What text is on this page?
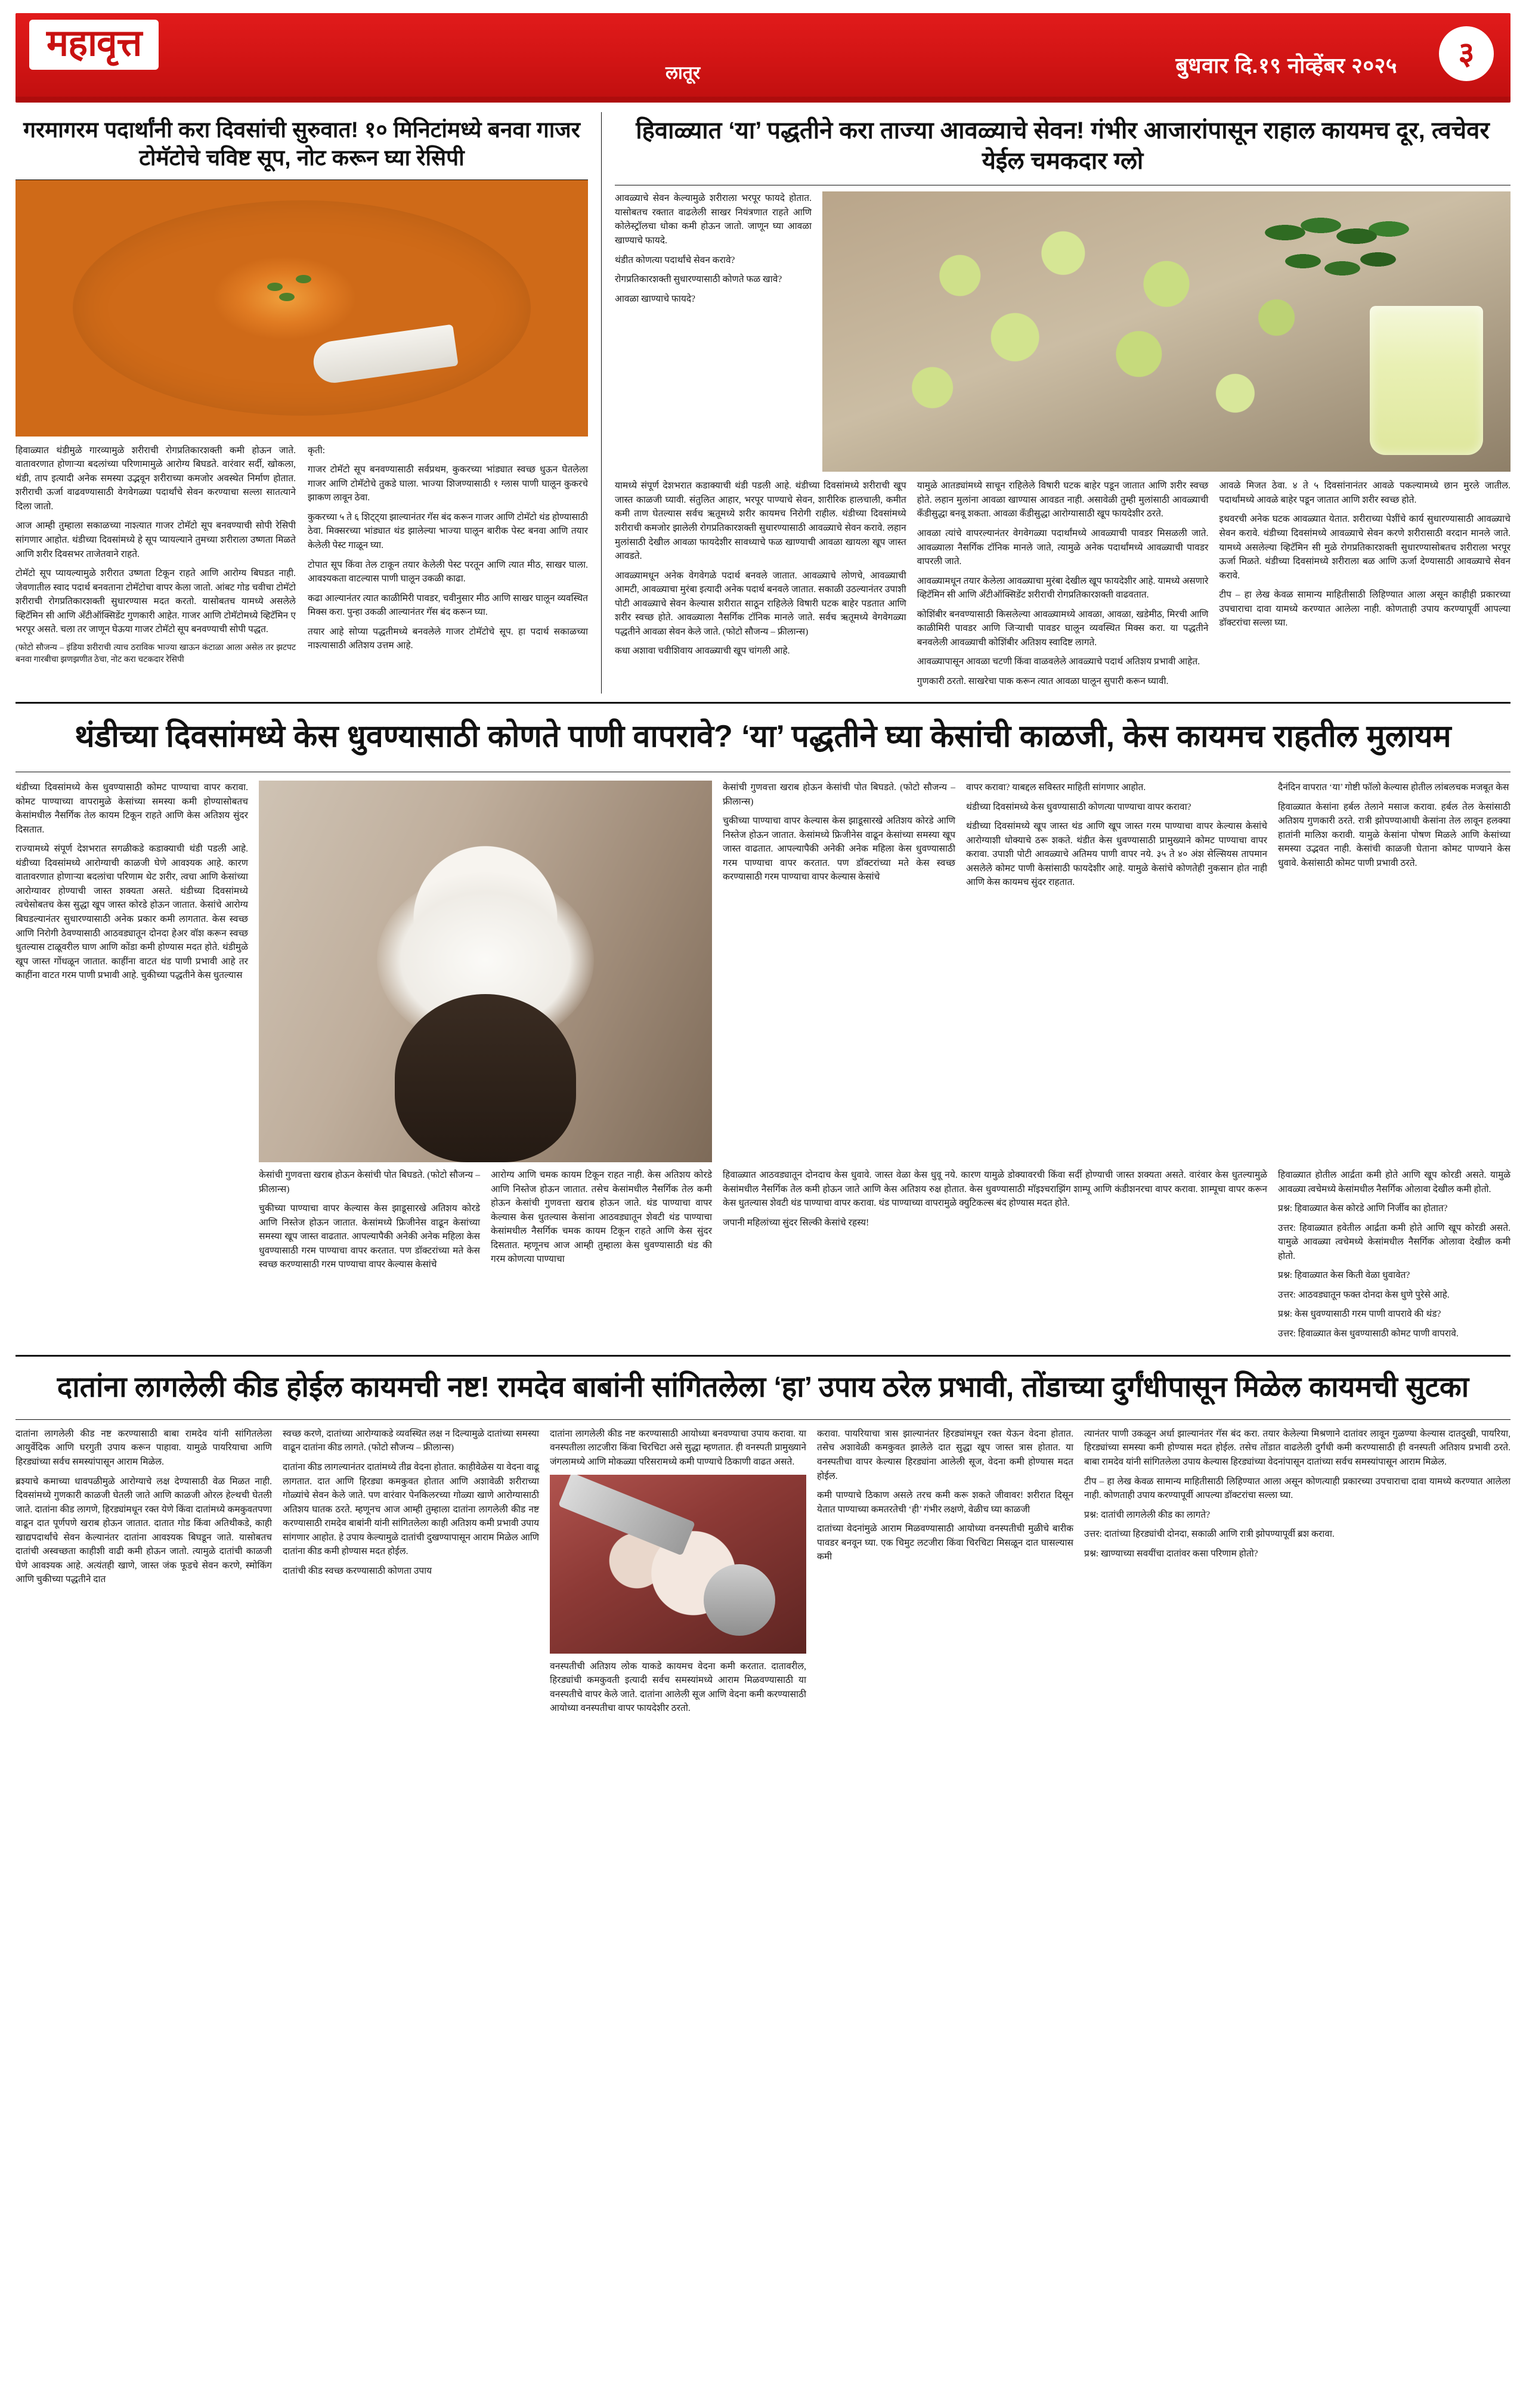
महावृत्त
लातूर	बुधवार दि.१९ नोव्हेंबर २०२५	३
गरमागरम पदार्थांनी करा दिवसांची सुरुवात! १० मिनिटांमध्ये बनवा गाजर टोमॅटोचे चविष्ट सूप, नोट करून घ्या रेसिपी

हिवाळ्यात थंडीमुळे गारव्यामुळे शरीराची रोगप्रतिकारशक्ती कमी होऊन जाते. वातावरणात होणाऱ्या बदलांच्या परिणामामुळे आरोग्य बिघडते. वारंवार सर्दी, खोकला, थंडी, ताप इत्यादी अनेक समस्या उद्भवून शरीराच्या कमजोर अवस्थेत निर्माण होतात. शरीराची ऊर्जा वाढवण्यासाठी वेगवेगळ्या पदार्थांचे सेवन करण्याचा सल्ला सातत्याने दिला जातो.

आज आम्ही तुम्हाला सकाळच्या नाश्त्यात गाजर टोमॅटो सूप बनवण्याची सोपी रेसिपी सांगणार आहोत. थंडीच्या दिवसांमध्ये हे सूप प्यायल्याने तुमच्या शरीराला उष्णता मिळते आणि शरीर दिवसभर ताजेतवाने राहते.

टोमॅटो सूप प्यायल्यामुळे शरीरात उष्णता टिकून राहते आणि आरोग्य बिघडत नाही. जेवणातील स्वाद पदार्थ बनवताना टोमॅटोचा वापर केला जातो. आंबट गोड चवीचा टोमॅटो शरीराची रोगप्रतिकारशक्ती सुधारण्यास मदत करतो. यासोबतच यामध्ये असलेले व्हिटॅमिन सी आणि अँटीऑक्सिडेंट गुणकारी आहेत. गाजर आणि टोमॅटोमध्ये व्हिटॅमिन ए भरपूर असते. चला तर जाणून घेऊया गाजर टोमॅटो सूप बनवण्याची सोपी पद्धत.

(फोटो सौजन्य – इंडिया शरीराची त्याच ठराविक भाज्या खाऊन कंटाळा आला असेल तर झटपट बनवा गारबीचा झणझणीत ठेचा, नोट करा चटकदार रेसिपी

कृती:

गाजर टोमॅटो सूप बनवण्यासाठी सर्वप्रथम, कुकरच्या भांड्यात स्वच्छ धुऊन घेतलेला गाजर आणि टोमॅटोचे तुकडे घाला. भाज्या शिजण्यासाठी १ ग्लास पाणी घालून कुकरचे झाकण लावून ठेवा.

कुकरच्या ५ ते ६ शिट्ट्या झाल्यानंतर गॅस बंद करून गाजर आणि टोमॅटो थंड होण्यासाठी ठेवा. मिक्सरच्या भांड्यात थंड झालेल्या भाज्या घालून बारीक पेस्ट बनवा आणि तयार केलेली पेस्ट गाळून घ्या.

टोपात सूप किंवा तेल टाकून तयार केलेली पेस्ट परतून आणि त्यात मीठ, साखर घाला. आवश्यकता वाटल्यास पाणी घालून उकळी काढा.

कढा आल्यानंतर त्यात काळीमिरी पावडर, चवीनुसार मीठ आणि साखर घालून व्यवस्थित मिक्स करा. पुन्हा उकळी आल्यानंतर गॅस बंद करून घ्या.

तयार आहे सोप्या पद्धतीमध्ये बनवलेले गाजर टोमॅटोचे सूप. हा पदार्थ सकाळच्या नाश्त्यासाठी अतिशय उत्तम आहे.

हिवाळ्यात ‘या’ पद्धतीने करा ताज्या आवळ्याचे सेवन! गंभीर आजारांपासून राहाल कायमच दूर, त्वचेवर येईल चमकदार ग्लो

आवळ्याचे सेवन केल्यामुळे शरीराला भरपूर फायदे होतात. यासोबतच रक्तात वाढलेली साखर नियंत्रणात राहते आणि कोलेस्ट्रॉलचा धोका कमी होऊन जातो. जाणून घ्या आवळा खाण्याचे फायदे.

थंडीत कोणत्या पदार्थांचे सेवन करावे?

रोगप्रतिकारशक्ती सुधारण्यासाठी कोणते फळ खावे?

आवळा खाण्याचे फायदे?

यामध्ये संपूर्ण देशभरात कडाक्याची थंडी पडली आहे. थंडीच्या दिवसांमध्ये शरीराची खूप जास्त काळजी घ्यावी. संतुलित आहार, भरपूर पाण्याचे सेवन, शारीरिक हालचाली, कमीत कमी ताण घेतल्यास सर्वच ऋतूमध्ये शरीर कायमच निरोगी राहील. थंडीच्या दिवसांमध्ये शरीराची कमजोर झालेली रोगप्रतिकारशक्ती सुधारण्यासाठी आवळ्याचे सेवन करावे. लहान मुलांसाठी देखील आवळा फायदेशीर सावध्याचे फळ खाण्याची आवळा खायला खूप जास्त आवडते.

आवळ्यामधून अनेक वेगवेगळे पदार्थ बनवले जातात. आवळ्याचे लोणचे, आवळ्याची आमटी, आवळ्याचा मुरंबा इत्यादी अनेक पदार्थ बनवले जातात. सकाळी उठल्यानंतर उपाशी पोटी आवळ्याचे सेवन केल्यास शरीरात साठून राहिलेले विषारी घटक बाहेर पडतात आणि शरीर स्वच्छ होते. आवळ्याला नैसर्गिक टॉनिक मानले जाते. सर्वच ऋतूमध्ये वेगवेगळ्या पद्धतीने आवळा सेवन केले जाते. (फोटो सौजन्य – फ्रीलान्स)

कधा अशावा चवीशिवाय आवळ्याची खूप चांगली आहे.

यामुळे आतड्यांमध्ये साचून राहिलेले विषारी घटक बाहेर पडून जातात आणि शरीर स्वच्छ होते. लहान मुलांना आवळा खाण्यास आवडत नाही. असावेळी तुम्ही मुलांसाठी आवळ्याची कँडीसुद्धा बनवू शकता. आवळा कँडीसुद्धा आरोग्यासाठी खूप फायदेशीर ठरते.

आवळा त्यांचे वापरल्यानंतर वेगवेगळ्या पदार्थांमध्ये आवळ्याची पावडर मिसळली जाते. आवळ्याला नैसर्गिक टॉनिक मानले जाते, त्यामुळे अनेक पदार्थांमध्ये आवळ्याची पावडर वापरली जाते.

आवळ्यामधून तयार केलेला आवळ्याचा मुरंबा देखील खूप फायदेशीर आहे. यामध्ये असणारे व्हिटॅमिन सी आणि अँटीऑक्सिडेंट शरीराची रोगप्रतिकारशक्ती वाढवतात.

कोशिंबीर बनवण्यासाठी किसलेल्या आवळ्यामध्ये आवळा, आवळा, खडेमीठ, मिरची आणि काळीमिरी पावडर आणि जिऱ्याची पावडर घालून व्यवस्थित मिक्स करा. या पद्धतीने बनवलेली आवळ्याची कोशिंबीर अतिशय स्वादिष्ट लागते.

आवळ्यापासून आवळा चटणी किंवा वाळवलेले आवळ्याचे पदार्थ अतिशय प्रभावी आहेत.

गुणकारी ठरतो. साखरेचा पाक करून त्यात आवळा घालून सुपारी करून घ्यावी.

आवळे मिजत ठेवा. ४ ते ५ दिवसांनानंतर आवळे पकल्यामध्ये छान मुरले जातील. पदार्थांमध्ये आवळे बाहेर पडून जातात आणि शरीर स्वच्छ होते.

इथवरची अनेक घटक आवळ्यात येतात. शरीराच्या पेशींचे कार्य सुधारण्यासाठी आवळ्याचे सेवन करावे. थंडीच्या दिवसांमध्ये आवळ्याचे सेवन करणे शरीरासाठी वरदान मानले जाते. यामध्ये असलेल्या व्हिटॅमिन सी मुळे रोगप्रतिकारशक्ती सुधारण्यासोबतच शरीराला भरपूर ऊर्जा मिळते. थंडीच्या दिवसांमध्ये शरीराला बळ आणि ऊर्जा देण्यासाठी आवळ्याचे सेवन करावे.

टीप – हा लेख केवळ सामान्य माहितीसाठी लिहिण्यात आला असून काहीही प्रकारच्या उपचाराचा दावा यामध्ये करण्यात आलेला नाही. कोणताही उपाय करण्यापूर्वी आपल्या डॉक्टरांचा सल्ला घ्या.

थंडीच्या दिवसांमध्ये केस धुवण्यासाठी कोणते पाणी वापरावे? ‘या’ पद्धतीने घ्या केसांची काळजी, केस कायमच राहतील मुलायम

थंडीच्या दिवसांमध्ये केस धुवण्यासाठी कोमट पाण्याचा वापर करावा. कोमट पाण्याच्या वापरामुळे केसांच्या समस्या कमी होण्यासोबतच केसांमधील नैसर्गिक तेल कायम टिकून राहते आणि केस अतिशय सुंदर दिसतात.

राज्यामध्ये संपूर्ण देशभरात सगळीकडे कडाक्याची थंडी पडली आहे. थंडीच्या दिवसांमध्ये आरोग्याची काळजी घेणे आवश्यक आहे. कारण वातावरणात होणाऱ्या बदलांचा परिणाम थेट शरीर, त्वचा आणि केसांच्या आरोग्यावर होण्याची जास्त शक्यता असते. थंडीच्या दिवसांमध्ये त्वचेसोबतच केस सुद्धा खूप जास्त कोरडे होऊन जातात. केसांचे आरोग्य बिघडल्यानंतर सुधारण्यासाठी अनेक प्रकार कमी लागतात. केस स्वच्छ आणि निरोगी ठेवण्यासाठी आठवड्यातून दोनदा हेअर वॉश करून स्वच्छ धुतल्यास टाळूवरील घाण आणि कोंडा कमी होण्यास मदत होते. थंडीमुळे खूप जास्त गोंधळून जातात. काहींना वाटत थंड पाणी प्रभावी आहे तर काहींना वाटत गरम पाणी प्रभावी आहे. चुकीच्या पद्धतीने केस धुतल्यास

केसांची गुणवत्ता खराब होऊन केसांची पोत बिघडते. (फोटो सौजन्य – फ्रीलान्स)

चुकीच्या पाण्याचा वापर केल्यास केस झाडूसारखे अतिशय कोरडे आणि निस्तेज होऊन जातात. केसांमध्ये फ्रिजीनेस वाढून केसांच्या समस्या खूप जास्त वाढतात. आपल्यापैकी अनेकी अनेक महिला केस धुवण्यासाठी गरम पाण्याचा वापर करतात. पण डॉक्टरांच्या मते केस स्वच्छ करण्यासाठी गरम पाण्याचा वापर केल्यास केसांचे

वापर करावा? याबद्दल सविस्तर माहिती सांगणार आहोत.

थंडीच्या दिवसांमध्ये केस धुवण्यासाठी कोणत्या पाण्याचा वापर करावा?

थंडीच्या दिवसांमध्ये खूप जास्त थंड आणि खूप जास्त गरम पाण्याचा वापर केल्यास केसांचे आरोग्याशी धोक्याचे ठरू शकते. थंडीत केस धुवण्यासाठी प्रामुख्याने कोमट पाण्याचा वापर करावा. उपाशी पोटी आवळ्याचे अतिमय पाणी वापर नये. ३५ ते ४० अंश सेल्सियस तापमान असलेले कोमट पाणी केसांसाठी फायदेशीर आहे. यामुळे केसांचे कोणतेही नुकसान होत नाही आणि केस कायमच सुंदर राहतात.

दैनंदिन वापरात ‘या’ गोष्टी फॉलो केल्यास होतील लांबलचक मजबूत केस

हिवाळ्यात केसांना हर्बल तेलाने मसाज करावा. हर्बल तेल केसांसाठी अतिशय गुणकारी ठरते. रात्री झोपण्याआधी केसांना तेल लावून हलक्या हातांनी मालिश करावी. यामुळे केसांना पोषण मिळले आणि केसांच्या समस्या उद्भवत नाही. केसांची काळजी घेताना कोमट पाण्याने केस धुवावे. केसांसाठी कोमट पाणी प्रभावी ठरते.

केसांची गुणवत्ता खराब होऊन केसांची पोत बिघडते. (फोटो सौजन्य – फ्रीलान्स)

चुकीच्या पाण्याचा वापर केल्यास केस झाडूसारखे अतिशय कोरडे आणि निस्तेज होऊन जातात. केसांमध्ये फ्रिजीनेस वाढून केसांच्या समस्या खूप जास्त वाढतात. आपल्यापैकी अनेकी अनेक महिला केस धुवण्यासाठी गरम पाण्याचा वापर करतात. पण डॉक्टरांच्या मते केस स्वच्छ करण्यासाठी गरम पाण्याचा वापर केल्यास केसांचे

आरोग्य आणि चमक कायम टिकून राहत नाही. केस अतिशय कोरडे आणि निस्तेज होऊन जातात. तसेच केसांमधील नैसर्गिक तेल कमी होऊन केसांची गुणवत्ता खराब होऊन जाते. थंड पाण्याचा वापर केल्यास केस धुतल्यास केसांना आठवड्यातून शेवटी थंड पाण्याचा केसांमधील नैसर्गिक चमक कायम टिकून राहते आणि केस सुंदर दिसतात. म्हणूनच आज आम्ही तुम्हाला केस धुवण्यासाठी थंड की गरम कोणत्या पाण्याचा

हिवाळ्यात आठवड्यातून दोनदाच केस धुवावे. जास्त वेळा केस धुवू नये. कारण यामुळे डोक्यावरची किंवा सर्दी होण्याची जास्त शक्यता असते. वारंवार केस धुतल्यामुळे केसांमधील नैसर्गिक तेल कमी होऊन जाते आणि केस अतिशय रुक्ष होतात. केस धुवण्यासाठी माॅइश्चराझिंग शाम्पू आणि कंडीशनरचा वापर करावा. शाम्पूचा वापर करून केस धुतल्यास शेवटी थंड पाण्याचा वापर करावा. थंड पाण्याच्या वापरामुळे क्युटिकल्स बंद होण्यास मदत होते.

जपानी महिलांच्या सुंदर सिल्की केसांचे रहस्य!

हिवाळ्यात होतील आर्द्रता कमी होते आणि खूप कोरडी असते. यामुळे आवळ्या त्वचेमध्ये केसांमधील नैसर्गिक ओलावा देखील कमी होतो.

प्रश्न: हिवाळ्यात केस कोरडे आणि निर्जीव का होतात?

उत्तर: हिवाळ्यात हवेतील आर्द्रता कमी होते आणि खूप कोरडी असते. यामुळे आवळ्या त्वचेमध्ये केसांमधील नैसर्गिक ओलावा देखील कमी होतो.

प्रश्न: हिवाळ्यात केस किती वेळा धुवावेत?

उत्तर: आठवड्यातून फक्त दोनदा केस धुणे पुरेसे आहे.

प्रश्न: केस धुवण्यासाठी गरम पाणी वापरावे की थंड?

उत्तर: हिवाळ्यात केस धुवण्यासाठी कोमट पाणी वापरावे.

दातांना लागलेली कीड होईल कायमची नष्ट! रामदेव बाबांनी सांगितलेला ‘हा’ उपाय ठरेल प्रभावी, तोंडाच्या दुर्गंधीपासून मिळेल कायमची सुटका

दातांना लागलेली कीड नष्ट करण्यासाठी बाबा रामदेव यांनी सांगितलेला आयुर्वेदिक आणि घरगुती उपाय करून पाहावा. यामुळे पायरियाचा आणि हिरड्यांच्या सर्वच समस्यांपासून आराम मिळेल.

ब्रश्याचे कमाच्या धावपळीमुळे आरोग्याचे लक्ष देण्यासाठी वेळ मिळत नाही. दिवसांमध्ये गुणकारी काळजी घेतली जाते आणि काळजी ओरल हेल्थची घेतली जाते. दातांना कीड लागणे, हिरड्यांमधून रक्त येणे किंवा दातांमध्ये कमकुवतपणा वाढून दात पूर्णपणे खराब होऊन जातात. दातात गोड किंवा अतिथीकडे, काही खाद्यपदार्थांचे सेवन केल्यानंतर दातांना आवश्यक बिघडून जाते. यासोबतच दातांची अस्वच्छता काहीशी वाढी कमी होऊन जातो. त्यामुळे दातांची काळजी घेणे आवश्यक आहे. अत्यंतही खाणे, जास्त जंक फूडचे सेवन करणे, स्मोकिंग आणि चुकीच्या पद्धतीने दात

स्वच्छ करणे, दातांच्या आरोग्याकडे व्यवस्थित लक्ष न दिल्यामुळे दातांच्या समस्या वाढून दातांना कीड लागते. (फोटो सौजन्य – फ्रीलान्स)

दातांना कीड लागल्यानंतर दातांमध्ये तीव्र वेदना होतात. काहीवेळेस या वेदना वाढू लागतात. दात आणि हिरड्या कमकुवत होतात आणि अशावेळी शरीराच्या गोळ्यांचे सेवन केले जाते. पण वारंवार पेनकिलरच्या गोळ्या खाणे आरोग्यासाठी अतिशय घातक ठरते. म्हणूनच आज आम्ही तुम्हाला दातांना लागलेली कीड नष्ट करण्यासाठी रामदेव बाबांनी यांनी सांगितलेला काही अतिशय कमी प्रभावी उपाय सांगणार आहोत. हे उपाय केल्यामुळे दातांची दुखण्यापासून आराम मिळेल आणि दातांना कीड कमी होण्यास मदत होईल.

दातांची कीड स्वच्छ करण्यासाठी कोणता उपाय

दातांना लागलेली कीड नष्ट करण्यासाठी आयोध्या बनवण्याचा उपाय करावा. या वनस्पतीला लाटजीरा किंवा चिरचिटा असे सुद्धा म्हणतात. ही वनस्पती प्रामुख्याने जंगलामध्ये आणि मोकळ्या परिसरामध्ये कमी पाण्याचे ठिकाणी वाढत असते.

वनस्पतीची अतिशय लोक याकडे कायमच वेदना कमी करतात. दातावरील, हिरड्यांची कमकुवती इत्यादी सर्वच समस्यांमध्ये आराम मिळवण्यासाठी या वनस्पतीचे वापर केले जाते. दातांना आलेली सूज आणि वेदना कमी करण्यासाठी आयोध्या वनस्पतीचा वापर फायदेशीर ठरतो.

करावा. पायरियाचा त्रास झाल्यानंतर हिरड्यांमधून रक्त येऊन वेदना होतात. तसेच अशावेळी कमकुवत झालेले दात सुद्धा खूप जास्त त्रास होतात. या वनस्पतीचा वापर केल्यास हिरड्यांना आलेली सूज, वेदना कमी होण्यास मदत होईल.

कमी पाण्याचे ठिकाण असले तरच कमी करू शकते जीवावर! शरीरात दिसून येतात पाण्याच्या कमतरतेची ‘ही’ गंभीर लक्षणे, वेळीच घ्या काळजी

दातांच्या वेदनांमुळे आराम मिळवण्यासाठी आयोध्या वनस्पतीची मुळीचे बारीक पावडर बनवून घ्या. एक चिमुट लटजीरा किंवा चिरचिटा मिसळून दात घासल्यास कमी

त्यानंतर पाणी उकळून अर्धा झाल्यानंतर गॅस बंद करा. तयार केलेल्या मिश्रणाने दातांवर लावून गुळण्या केल्यास दातदुखी, पायरिया, हिरड्यांच्या समस्या कमी होण्यास मदत होईल. तसेच तोंडात वाढलेली दुर्गंधी कमी करण्यासाठी ही वनस्पती अतिशय प्रभावी ठरते. बाबा रामदेव यांनी सांगितलेला उपाय केल्यास हिरड्यांच्या वेदनांपासून दातांच्या सर्वच समस्यांपासून आराम मिळेल.

टीप – हा लेख केवळ सामान्य माहितीसाठी लिहिण्यात आला असून कोणत्याही प्रकारच्या उपचाराचा दावा यामध्ये करण्यात आलेला नाही. कोणताही उपाय करण्यापूर्वी आपल्या डॉक्टरांचा सल्ला घ्या.

प्रश्न: दातांची लागलेली कीड का लागते?

उत्तर: दातांच्या हिरड्यांची दोनदा, सकाळी आणि रात्री झोपण्यापूर्वी ब्रश करावा.

प्रश्न: खाण्याच्या सवयींचा दातांवर कसा परिणाम होतो?
